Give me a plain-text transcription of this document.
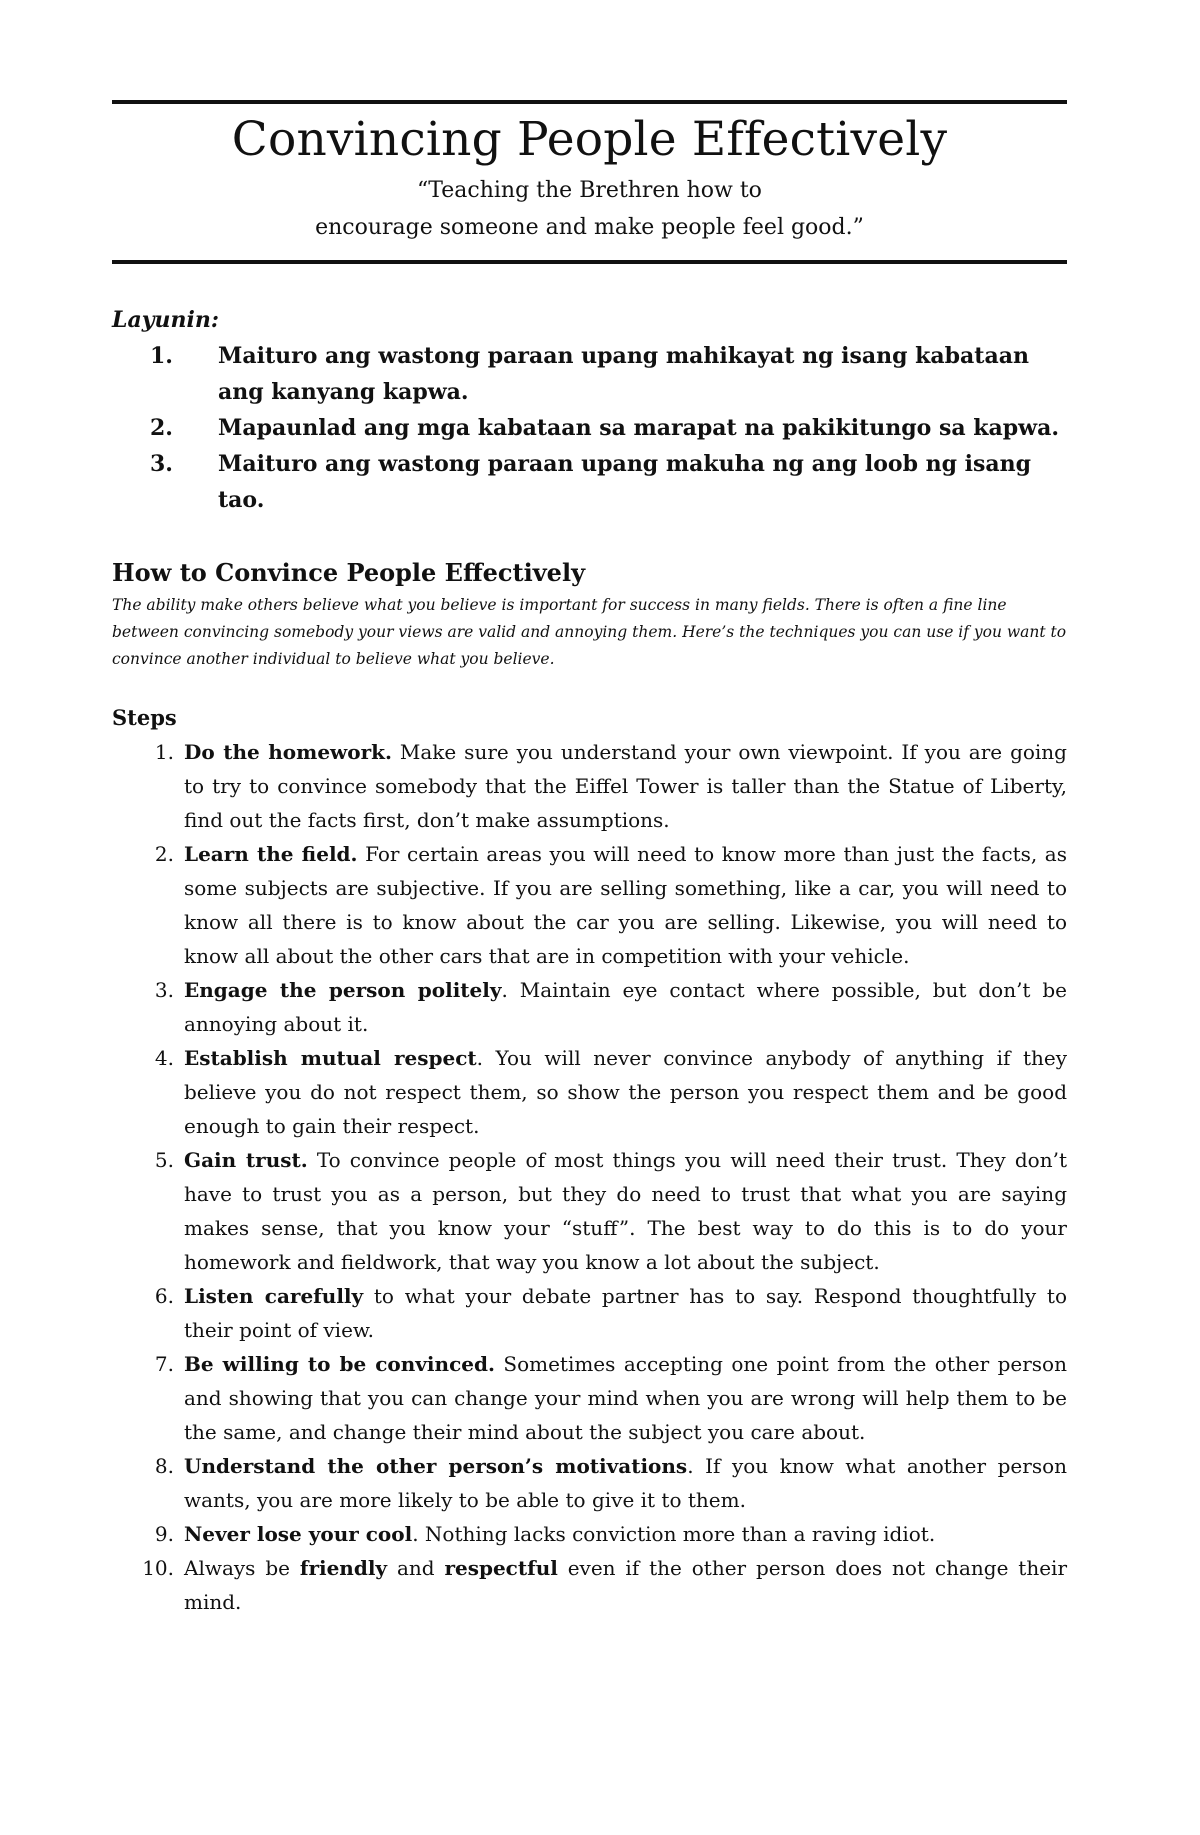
Convincing People Effectively
“Teaching the Brethren how to
encourage someone and make people feel good.”
Layunin:
1.	Maituro ang wastong paraan upang mahikayat ng isang kabataan ang kanyang kapwa.
2.	Mapaunlad ang mga kabataan sa marapat na pakikitungo sa kapwa.
3.	Maituro ang wastong paraan upang makuha ng ang loob ng isang tao.
How to Convince People Effectively
The ability make others believe what you believe is important for success in many fields. There is often a fine line between convincing somebody your views are valid and annoying them. Here’s the techniques you can use if you want to convince another individual to believe what you believe.
Steps
1. Do the homework. Make sure you understand your own viewpoint. If you are going to try to convince somebody that the Eiffel Tower is taller than the Statue of Liberty, find out the facts first, don’t make assumptions.
2. Learn the field. For certain areas you will need to know more than just the facts, as some subjects are subjective. If you are selling something, like a car, you will need to know all there is to know about the car you are selling. Likewise, you will need to know all about the other cars that are in competition with your vehicle.
3. Engage the person politely. Maintain eye contact where possible, but don’t be annoying about it.
4. Establish mutual respect. You will never convince anybody of anything if they believe you do not respect them, so show the person you respect them and be good enough to gain their respect.
5. Gain trust. To convince people of most things you will need their trust. They don’t have to trust you as a person, but they do need to trust that what you are saying makes sense, that you know your “stuff”. The best way to do this is to do your homework and fieldwork, that way you know a lot about the subject.
6. Listen carefully to what your debate partner has to say. Respond thoughtfully to their point of view.
7. Be willing to be convinced. Sometimes accepting one point from the other person and showing that you can change your mind when you are wrong will help them to be the same, and change their mind about the subject you care about.
8. Understand the other person’s motivations. If you know what another person wants, you are more likely to be able to give it to them.
9. Never lose your cool. Nothing lacks conviction more than a raving idiot.
10. Always be friendly and respectful even if the other person does not change their mind.
